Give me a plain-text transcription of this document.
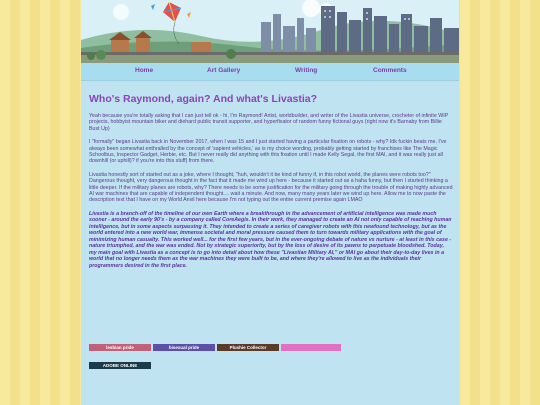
Home	Art Gallery	Writing	Comments
Who's Raymond, again? And what's Livastia?

Yeah because you're totally asking that I can just tell ok - hi, I'm Raymond! Artist, worldbuilder, and writer of the Livastia universe, crocheter of infinite WIP projects, hobbyist mountain biker and diehard public transit supporter, and hyperfixator of random funny fictional guys (right now it's Barnaby from Billie Bust Up)

I "formally" began Livastia back in November 2017, when I was 15 and I just started having a particular fixation on robots - why? Idk fuckin beats me. I've always been somewhat enthralled by the concept of 'sapient vehicles,' as is my choice wording, probably getting started by franchises like The Magic Schoolbus, Inspector Gadget, Herbie, etc. But I never really did anything with this fixation until I made Kelly Segal, the first MAI, and it was really just all downhill (or uphill)? if you're into this stuff) from there.

Livastia honestly sort of started out as a joke, where I thought, "huh, wouldn't it be kind of funny if, in this robot world, the planes were robots too?" Dangerous thought, very dangerous thought in the fact that it made me wind up here - because it started out as a haha funny, but then I started thinking a little deeper. If the military planes are robots, why? There needs to be some justification for the military going through the trouble of making highly advanced AI war machines that are capable of independent thought.... wait a minute. And now, many many years later we wind up here. Allow me to now paste the description text that I have on my World Anvil here because I'm not typing out the entire current premise again LMAO

Livastia is a branch-off of the timeline of our own Earth where a breakthrough in the advancement of artificial intelligence was made much sooner - around the early 90's - by a company called CoreAegis. In their work, they managed to create an AI not only capable of reaching human intelligence, but in some aspects surpassing it. They intended to create a series of caregiver robots with this newfound technology, but as the world entered into a new world war, immense societal and moral pressure caused them to turn towards military applications with the goal of minimizing human casualty. This worked well... for the first few years, but in the ever-ongoing debate of nature vs nurture - at least in this case - nature triumphed, and the war was ended. Not by strategic superiority, but by the loss of desire of its pawns to perpetuate bloodshed. Today, my main goal with Livastia as a concept is to go into detail about how these "Livastian Military AI," or MAI go about their day-to-day lives in a world that no longer needs them as the war machines they were built to be, and where they're allowed to live as the individuals their programmers desired in the first place.

lesbian pride	bisexual pride	Plushie Collector
ADOBE ONLINE
